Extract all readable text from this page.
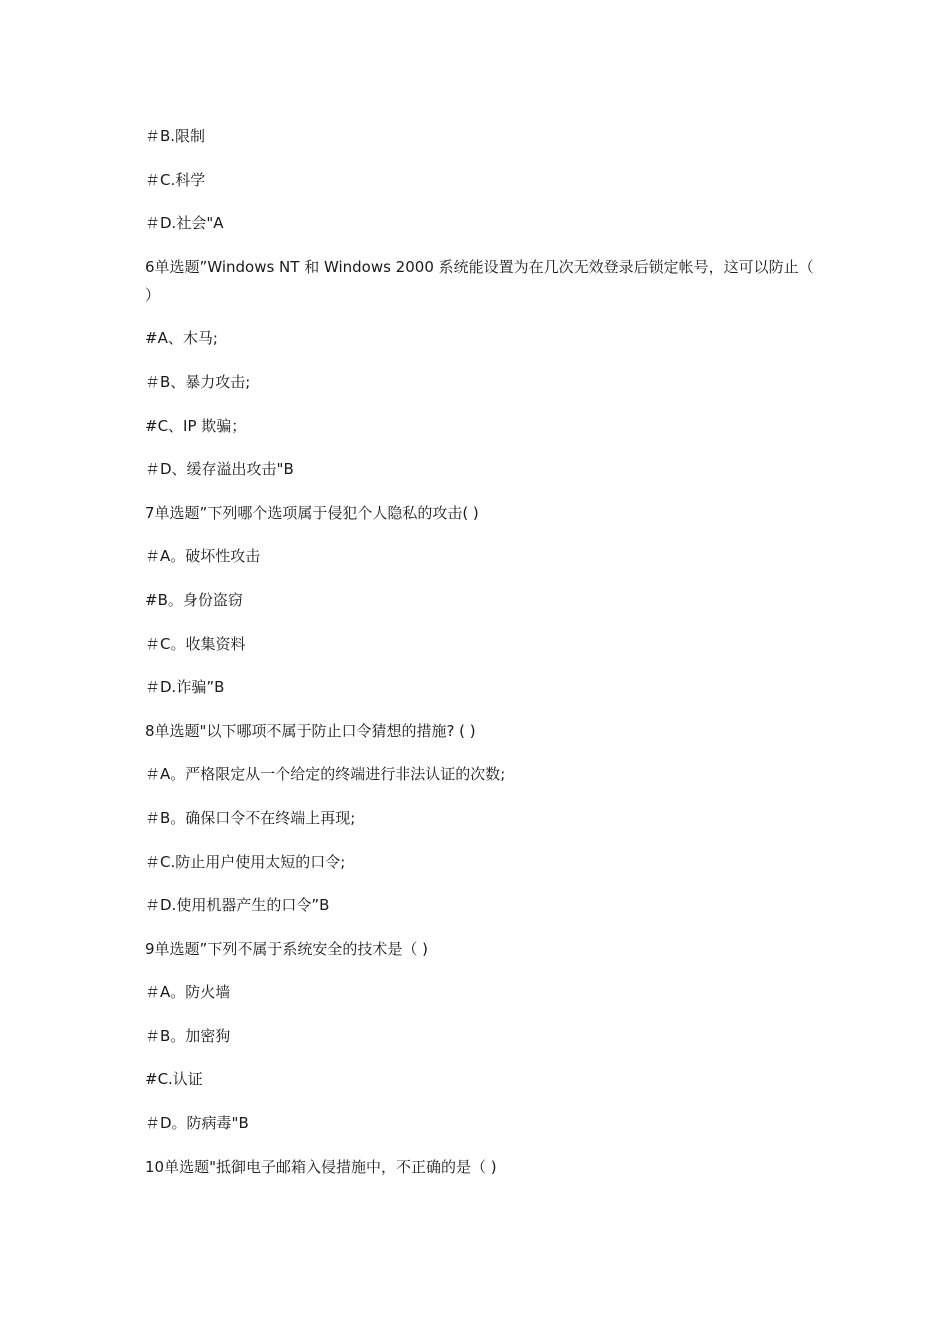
＃B.限制
＃C.科学
＃D.社会"A
6单选题”Windows NT 和 Windows 2000 系统能设置为在几次无效登录后锁定帐号，这可以防止（ ）
#A、木马;
＃B、暴力攻击;
#C、IP 欺骗；
＃D、缓存溢出攻击"B
7单选题”下列哪个选项属于侵犯个人隐私的攻击( )
＃A。破坏性攻击
#B。身份盗窃
＃C。收集资料
＃D.诈骗”B
8单选题"以下哪项不属于防止口令猜想的措施? ( )
＃A。严格限定从一个给定的终端进行非法认证的次数;
＃B。确保口令不在终端上再现;
＃C.防止用户使用太短的口令;
＃D.使用机器产生的口令”B
9单选题”下列不属于系统安全的技术是（ )
＃A。防火墙
＃B。加密狗
#C.认证
＃D。防病毒"B
10单选题"抵御电子邮箱入侵措施中，不正确的是（ )
